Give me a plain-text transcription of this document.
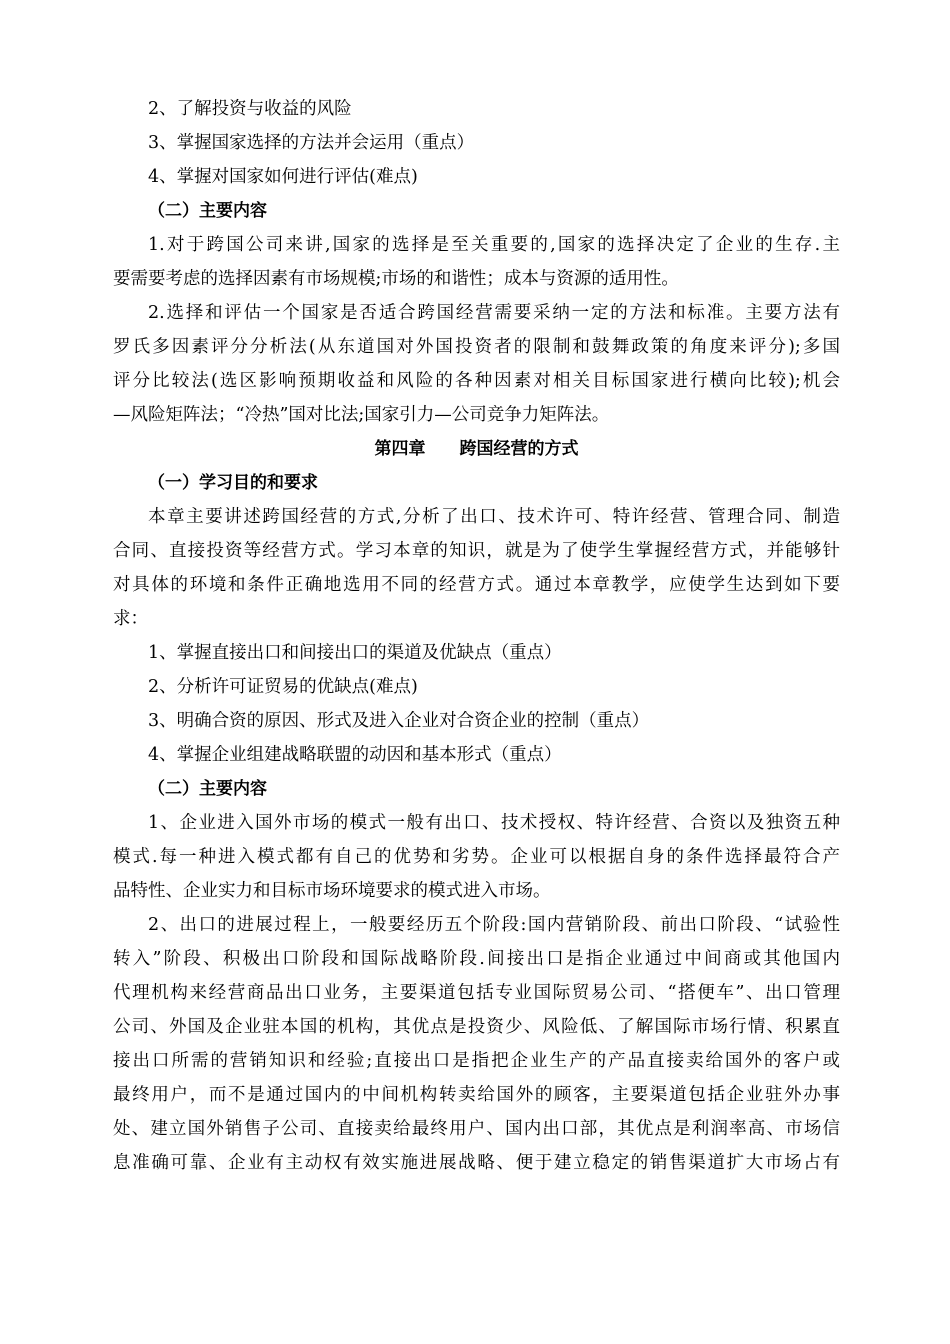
2、了解投资与收益的风险
3、掌握国家选择的方法并会运用（重点）
4、掌握对国家如何进行评估(难点)
（二）主要内容
1.对于跨国公司来讲,国家的选择是至关重要的,国家的选择决定了企业的生存.主
要需要考虑的选择因素有市场规模;市场的和谐性；成本与资源的适用性。
2.选择和评估一个国家是否适合跨国经营需要采纳一定的方法和标准。主要方法有
罗氏多因素评分分析法(从东道国对外国投资者的限制和鼓舞政策的角度来评分);多国
评分比较法(选区影响预期收益和风险的各种因素对相关目标国家进行横向比较);机会
—风险矩阵法；“冷热”国对比法;国家引力—公司竞争力矩阵法。
第四章　　跨国经营的方式
（一）学习目的和要求
本章主要讲述跨国经营的方式,分析了出口、技术许可、特许经营、管理合同、制造
合同、直接投资等经营方式。学习本章的知识，就是为了使学生掌握经营方式，并能够针
对具体的环境和条件正确地选用不同的经营方式。通过本章教学，应使学生达到如下要
求：
1、掌握直接出口和间接出口的渠道及优缺点（重点）
2、分析许可证贸易的优缺点(难点)
3、明确合资的原因、形式及进入企业对合资企业的控制（重点）
4、掌握企业组建战略联盟的动因和基本形式（重点）
（二）主要内容
1、企业进入国外市场的模式一般有出口、技术授权、特许经营、合资以及独资五种
模式.每一种进入模式都有自己的优势和劣势。企业可以根据自身的条件选择最符合产
品特性、企业实力和目标市场环境要求的模式进入市场。
2、出口的进展过程上，一般要经历五个阶段:国内营销阶段、前出口阶段、“试验性
转入”阶段、积极出口阶段和国际战略阶段.间接出口是指企业通过中间商或其他国内
代理机构来经营商品出口业务，主要渠道包括专业国际贸易公司、“搭便车”、出口管理
公司、外国及企业驻本国的机构，其优点是投资少、风险低、了解国际市场行情、积累直
接出口所需的营销知识和经验;直接出口是指把企业生产的产品直接卖给国外的客户或
最终用户，而不是通过国内的中间机构转卖给国外的顾客，主要渠道包括企业驻外办事
处、建立国外销售子公司、直接卖给最终用户、国内出口部，其优点是利润率高、市场信
息准确可靠、企业有主动权有效实施进展战略、便于建立稳定的销售渠道扩大市场占有
